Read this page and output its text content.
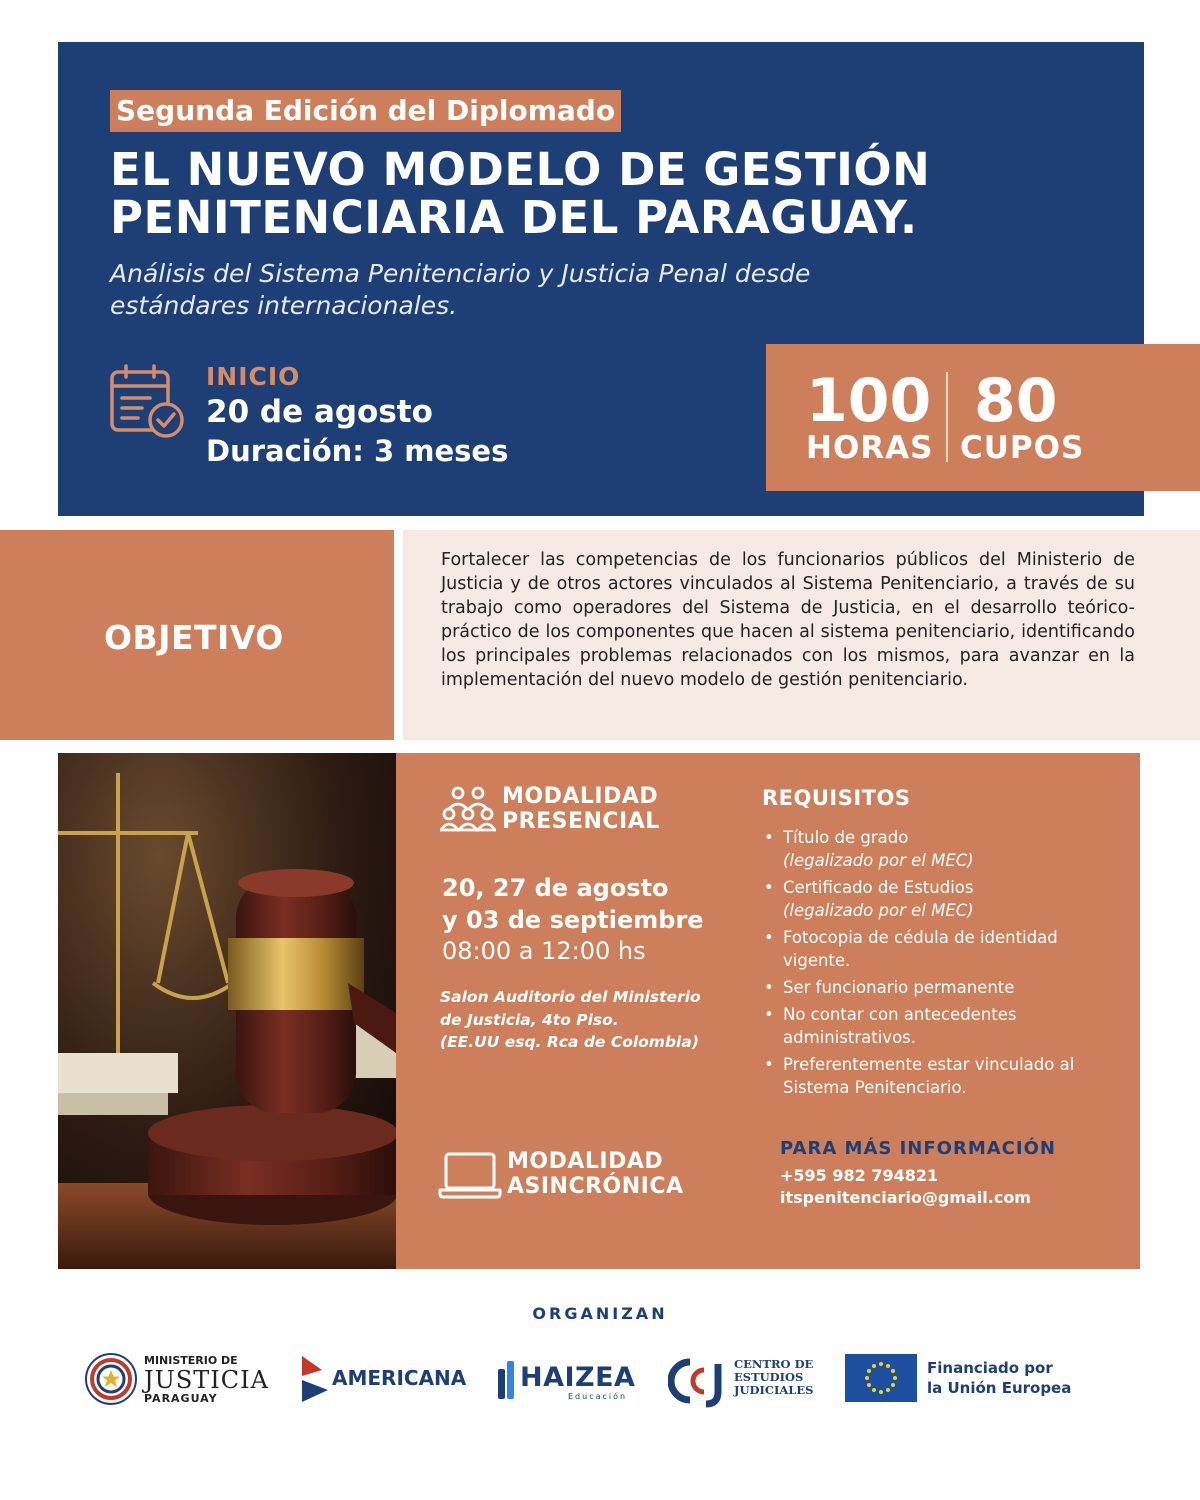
Segunda Edición del Diplomado
EL NUEVO MODELO DE GESTIÓN
PENITENCIARIA DEL PARAGUAY.
Análisis del Sistema Penitenciario y Justicia Penal desde
estándares internacionales.
INICIO
20 de agosto
Duración: 3 meses
100
HORAS
80
CUPOS
OBJETIVO
Fortalecer las competencias de los funcionarios públicos del Ministerio de Justicia y de otros actores vinculados al Sistema Penitenciario, a través de su trabajo como operadores del Sistema de Justicia, en el desarrollo teórico-práctico de los componentes que hacen al sistema penitenciario, identificando los principales problemas relacionados con los mismos, para avanzar en la implementación del nuevo modelo de gestión penitenciario.
MODALIDAD
PRESENCIAL
20, 27 de agosto
y 03 de septiembre
08:00 a 12:00 hs
Salon Auditorio del Ministerio
de Justicia, 4to Piso.
(EE.UU esq. Rca de Colombia)
MODALIDAD
ASINCRÓNICA
REQUISITOS
• Título de grado
(legalizado por el MEC)
• Certificado de Estudios
(legalizado por el MEC)
• Fotocopia de cédula de identidad vigente.
• Ser funcionario permanente
• No contar con antecedentes administrativos.
• Preferentemente estar vinculado al Sistema Penitenciario.
PARA MÁS INFORMACIÓN
+595 982 794821
itspenitenciario@gmail.com
ORGANIZAN
MINISTERIO DE
JUSTICIA
PARAGUAY
AMERICANA HAIZEA
Educación
CENTRO DE
ESTUDIOS
JUDICIALES
Financiado por
la Unión Europea
